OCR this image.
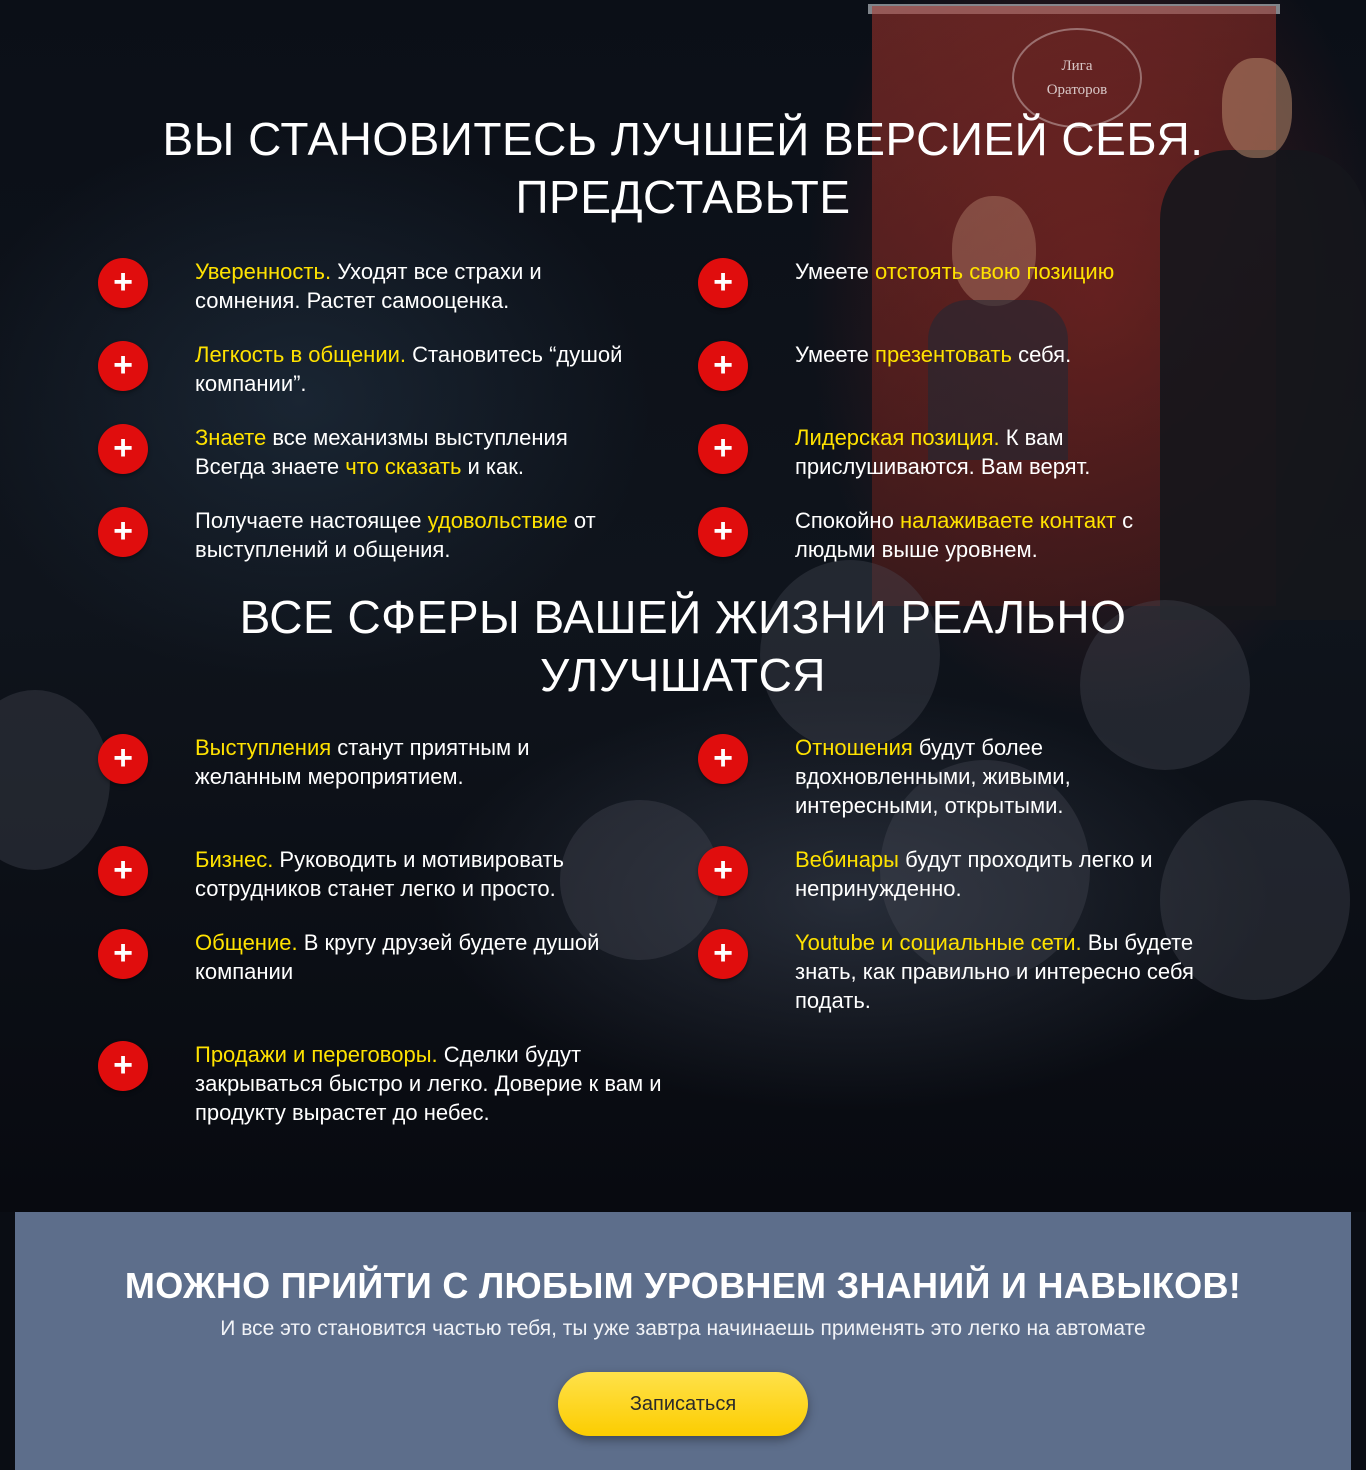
Лига
Ораторов
ВЫ СТАНОВИТЕСЬ ЛУЧШЕЙ ВЕРСИЕЙ СЕБЯ.
ПРЕДСТАВЬТЕ
+	Уверенность. Уходят все страхи и сомнения. Растет самооценка.	+	Умеете отстоять свою позицию
+	Легкость в общении. Становитесь “душой компании”.	+	Умеете презентовать себя.
+	Знаете все механизмы выступления Всегда знаете что сказать и как.	+	Лидерская позиция. К вам прислушиваются. Вам верят.
+	Получаете настоящее удовольствие от выступлений и общения.	+	Спокойно налаживаете контакт с людьми выше уровнем.
ВСЕ СФЕРЫ ВАШЕЙ ЖИЗНИ РЕАЛЬНО
УЛУЧШАТСЯ
+	Выступления станут приятным и желанным мероприятием.	+	Отношения будут более вдохновленными, живыми, интересными, открытыми.
+	Бизнес. Руководить и мотивировать сотрудников станет легко и просто.	+	Вебинары будут проходить легко и непринужденно.
+	Общение. В кругу друзей будете душой компании	+	Youtube и социальные сети. Вы будете знать, как правильно и интересно себя подать.
+	Продажи и переговоры. Сделки будут закрываться быстро и легко. Доверие к вам и продукту вырастет до небес.
МОЖНО ПРИЙТИ С ЛЮБЫМ УРОВНЕМ ЗНАНИЙ И НАВЫКОВ!

И все это становится частью тебя, ты уже завтра начинаешь применять это легко на автомате

Записаться
